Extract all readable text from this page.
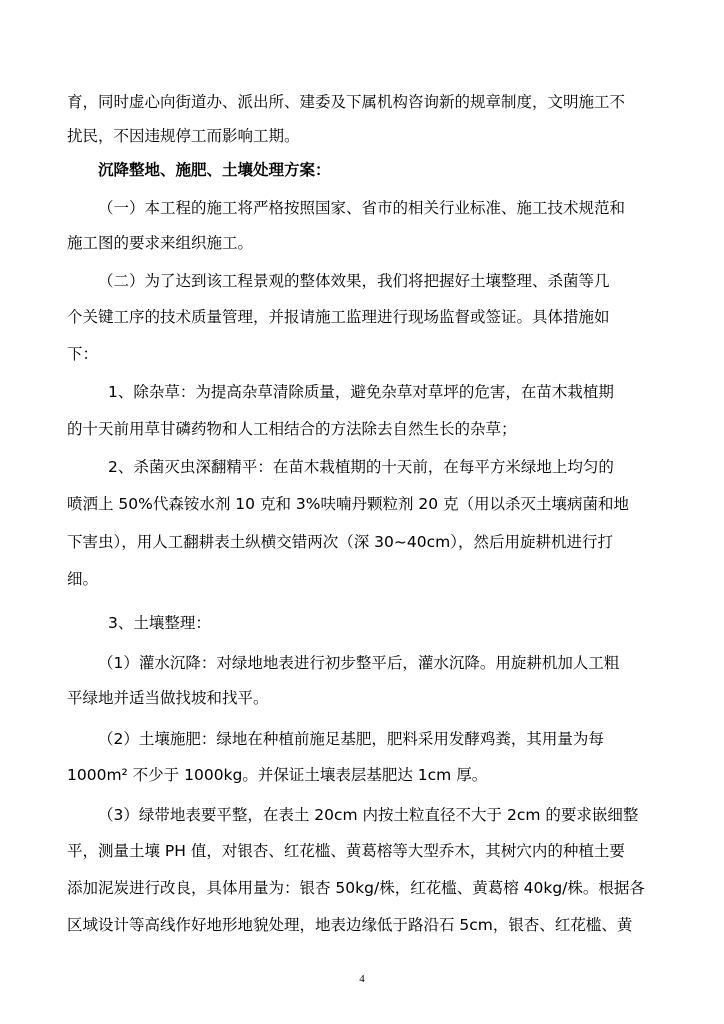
育，同时虚心向街道办、派出所、建委及下属机构咨询新的规章制度，文明施工不
扰民，不因违规停工而影响工期。
沉降整地、施肥、土壤处理方案：
（一）本工程的施工将严格按照国家、省市的相关行业标准、施工技术规范和
施工图的要求来组织施工。
（二）为了达到该工程景观的整体效果，我们将把握好土壤整理、杀菌等几
个关键工序的技术质量管理，并报请施工监理进行现场监督或签证。具体措施如
下：
1、除杂草：为提高杂草清除质量，避免杂草对草坪的危害，在苗木栽植期
的十天前用草甘磷药物和人工相结合的方法除去自然生长的杂草；
2、杀菌灭虫深翻精平：在苗木栽植期的十天前，在每平方米绿地上均匀的
喷洒上 50%代森铵水剂 10 克和 3%呋喃丹颗粒剂 20 克（用以杀灭土壤病菌和地
下害虫），用人工翻耕表土纵横交错两次（深 30~40cm），然后用旋耕机进行打
细。
3、土壤整理：
（1）灌水沉降：对绿地地表进行初步整平后，灌水沉降。用旋耕机加人工粗
平绿地并适当做找坡和找平。
（2）土壤施肥：绿地在种植前施足基肥，肥料采用发酵鸡粪，其用量为每
1000m² 不少于 1000kg。并保证土壤表层基肥达 1cm 厚。
（3）绿带地表要平整，在表土 20cm 内按土粒直径不大于 2cm 的要求嵌细整
平，测量土壤 PH 值，对银杏、红花槛、黄葛榕等大型乔木，其树穴内的种植土要
添加泥炭进行改良，具体用量为：银杏 50kg/株，红花槛、黄葛榕 40kg/株。根据各
区域设计等高线作好地形地貌处理，地表边缘低于路沿石 5cm，银杏、红花槛、黄
4
